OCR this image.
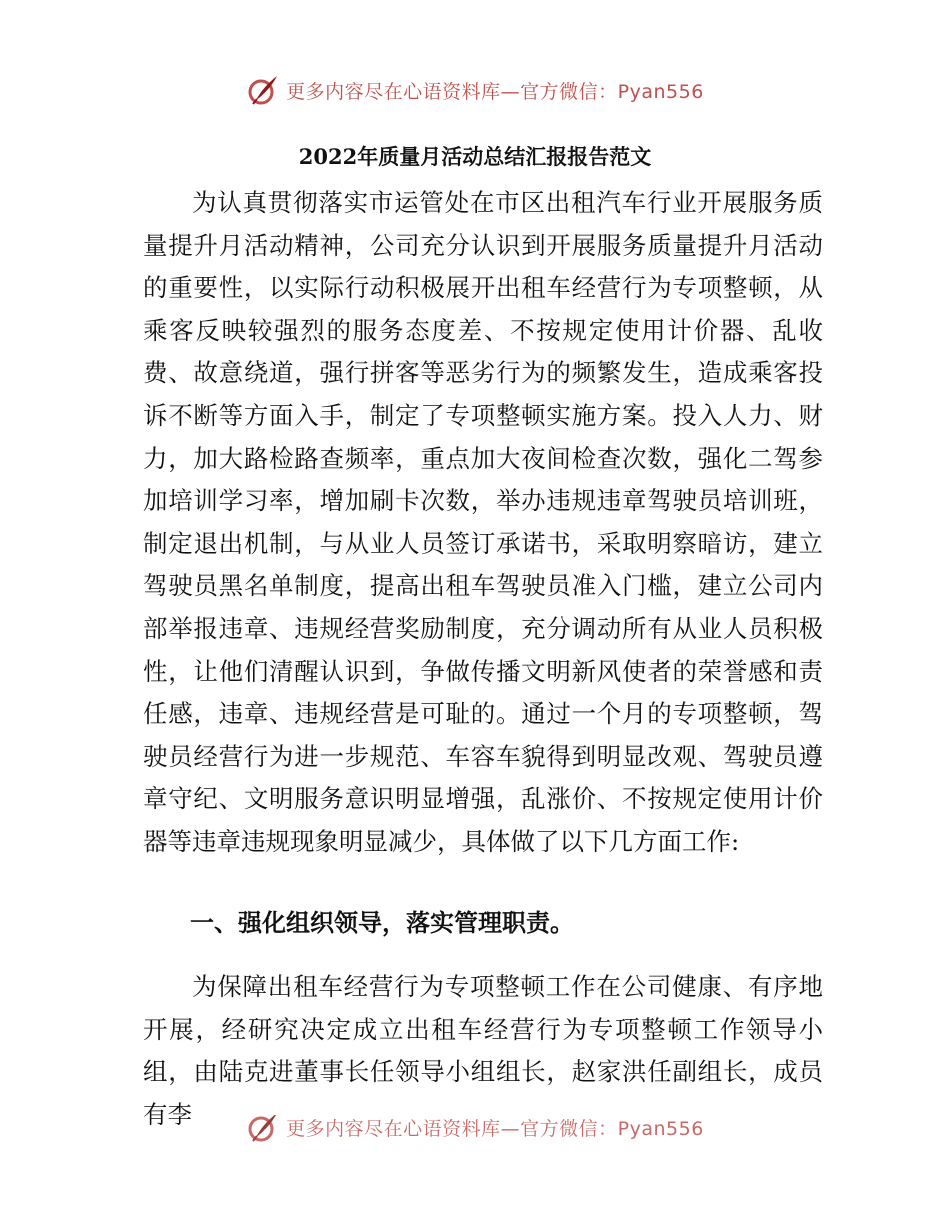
更多内容尽在心语资料库—官方微信：Pyan556
2022年质量月活动总结汇报报告范文

为认真贯彻落实市运管处在市区出租汽车行业开展服务质量提升月活动精神，公司充分认识到开展服务质量提升月活动的重要性，以实际行动积极展开出租车经营行为专项整顿，从乘客反映较强烈的服务态度差、不按规定使用计价器、乱收费、故意绕道，强行拼客等恶劣行为的频繁发生，造成乘客投诉不断等方面入手，制定了专项整顿实施方案。投入人力、财力，加大路检路查频率，重点加大夜间检查次数，强化二驾参加培训学习率，增加刷卡次数，举办违规违章驾驶员培训班，制定退出机制，与从业人员签订承诺书，采取明察暗访，建立驾驶员黑名单制度，提高出租车驾驶员准入门槛，建立公司内部举报违章、违规经营奖励制度，充分调动所有从业人员积极性，让他们清醒认识到，争做传播文明新风使者的荣誉感和责任感，违章、违规经营是可耻的。通过一个月的专项整顿，驾驶员经营行为进一步规范、车容车貌得到明显改观、驾驶员遵章守纪、文明服务意识明显增强，乱涨价、不按规定使用计价器等违章违规现象明显减少，具体做了以下几方面工作:

一、强化组织领导，落实管理职责。

为保障出租车经营行为专项整顿工作在公司健康、有序地开展，经研究决定成立出租车经营行为专项整顿工作领导小组，由陆克进董事长任领导小组组长，赵家洪任副组长，成员有李	更多内容尽在心语资料库—官方微信：Pyan556
